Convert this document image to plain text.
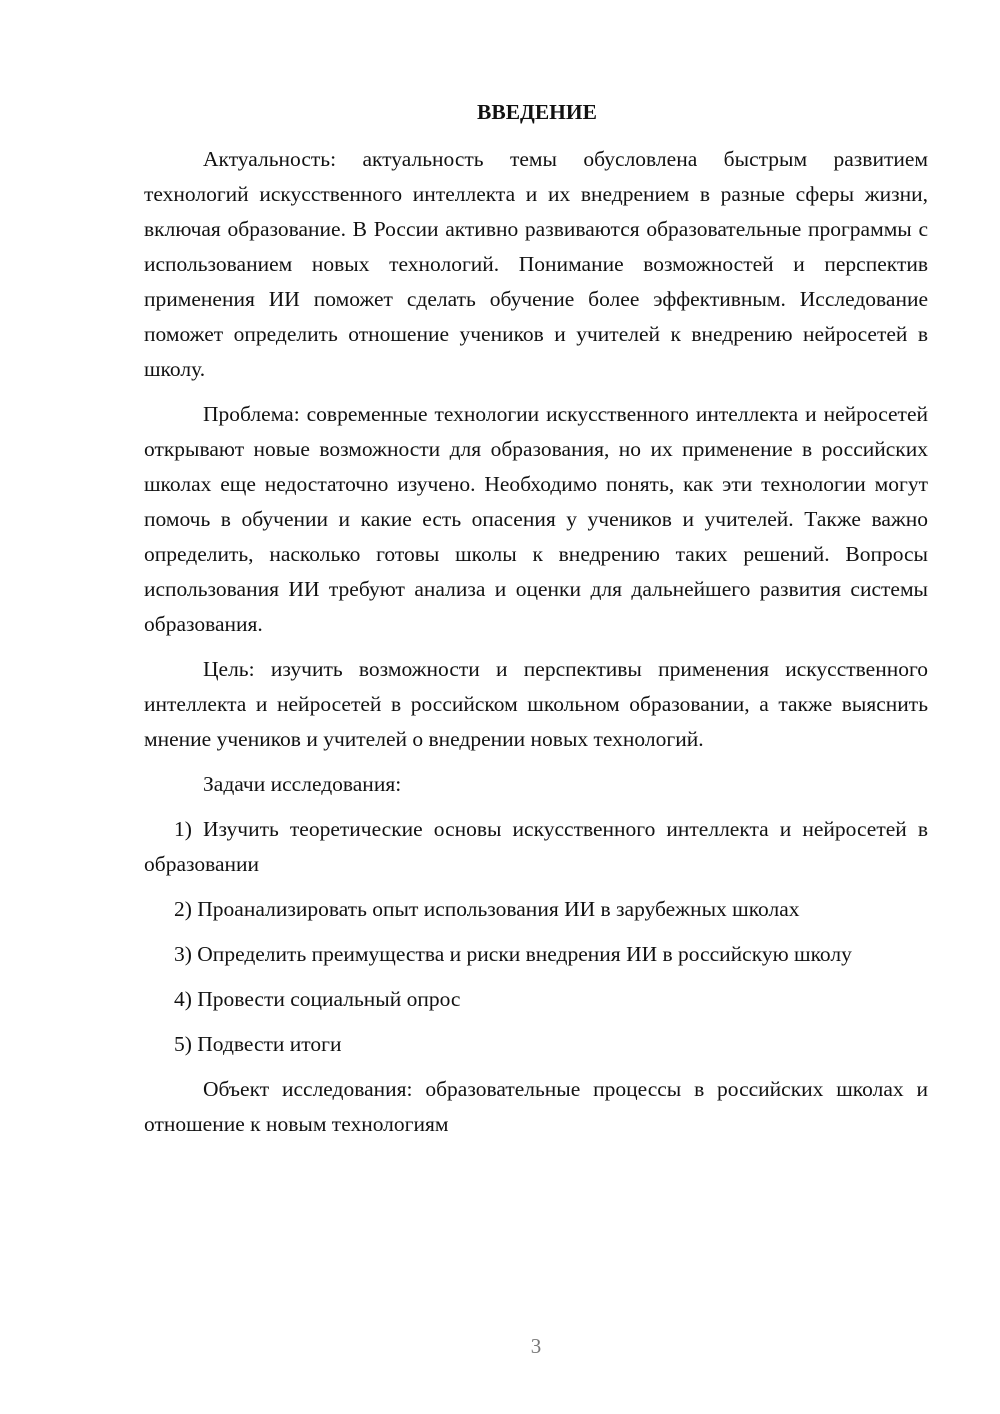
ВВЕДЕНИЕ

Актуальность: актуальность темы обусловлена быстрым развитием технологий искусственного интеллекта и их внедрением в разные сферы жизни, включая образование. В России активно развиваются образовательные программы с использованием новых технологий. Понимание возможностей и перспектив применения ИИ поможет сделать обучение более эффективным. Исследование поможет определить отношение учеников и учителей к внедрению нейросетей в школу.

Проблема: современные технологии искусственного интеллекта и нейросетей открывают новые возможности для образования, но их применение в российских школах еще недостаточно изучено. Необходимо понять, как эти технологии могут помочь в обучении и какие есть опасения у учеников и учителей. Также важно определить, насколько готовы школы к внедрению таких решений. Вопросы использования ИИ требуют анализа и оценки для дальнейшего развития системы образования.

Цель: изучить возможности и перспективы применения искусственного интеллекта и нейросетей в российском школьном образовании, а также выяснить мнение учеников и учителей о внедрении новых технологий.

Задачи исследования:

1) Изучить теоретические основы искусственного интеллекта и нейросетей в образовании

2) Проанализировать опыт использования ИИ в зарубежных школах

3) Определить преимущества и риски внедрения ИИ в российскую школу

4) Провести социальный опрос

5) Подвести итоги

Объект исследования: образовательные процессы в российских школах и отношение к новым технологиям

3
